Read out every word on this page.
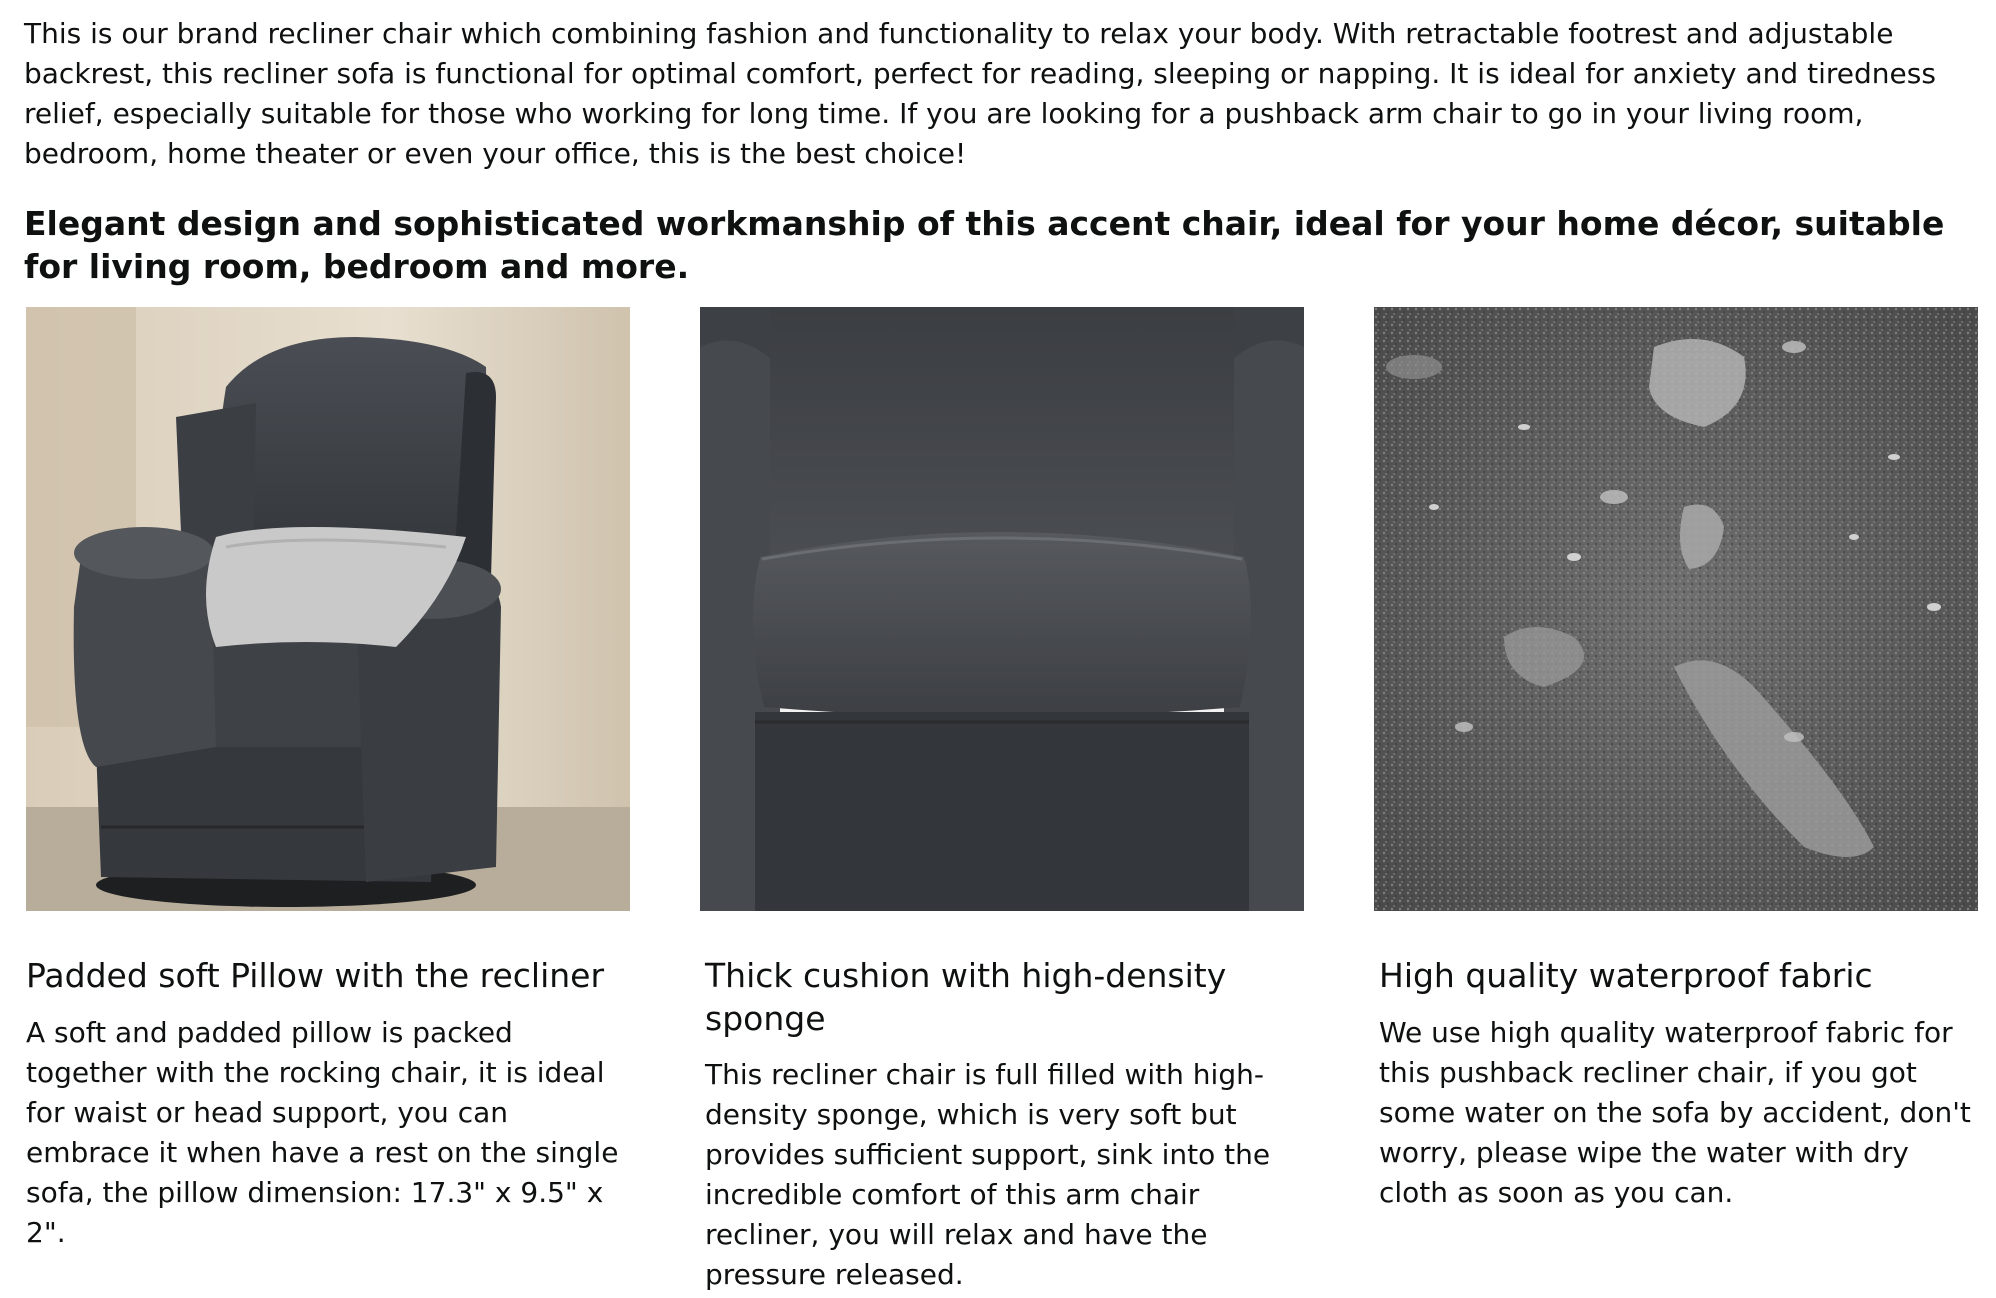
This is our brand recliner chair which combining fashion and functionality to relax your body. With retractable footrest and adjustable backrest, this recliner sofa is functional for optimal comfort, perfect for reading, sleeping or napping. It is ideal for anxiety and tiredness relief, especially suitable for those who working for long time. If you are looking for a pushback arm chair to go in your living room, bedroom, home theater or even your office, this is the best choice!

Elegant design and sophisticated workmanship of this accent chair, ideal for your home décor, suitable for living room, bedroom and more.
Padded soft Pillow with the recliner

A soft and padded pillow is packed together with the rocking chair, it is ideal for waist or head support, you can embrace it when have a rest on the single sofa, the pillow dimension: 17.3" x 9.5" x 2".

Thick cushion with high-density sponge

This recliner chair is full filled with high-density sponge, which is very soft but provides sufficient support, sink into the incredible comfort of this arm chair recliner, you will relax and have the pressure released.

High quality waterproof fabric

We use high quality waterproof fabric for this pushback recliner chair, if you got some water on the sofa by accident, don't worry, please wipe the water with dry cloth as soon as you can.
